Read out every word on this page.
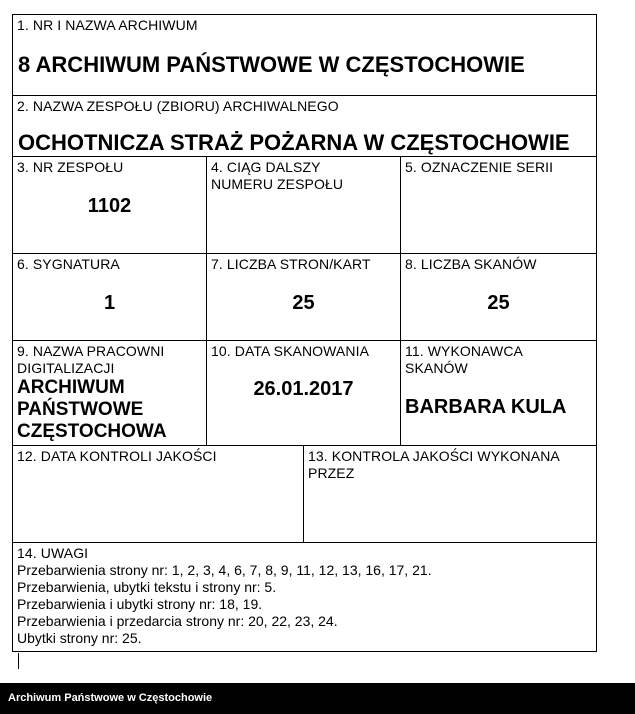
1. NR I NAZWA ARCHIWUM
8 ARCHIWUM PAŃSTWOWE W CZĘSTOCHOWIE
2. NAZWA ZESPOŁU (ZBIORU) ARCHIWALNEGO
OCHOTNICZA STRAŻ POŻARNA W CZĘSTOCHOWIE
3. NR ZESPOŁU
1102
4. CIĄG DALSZY
NUMERU ZESPOŁU
5. OZNACZENIE SERII
6. SYGNATURA
1
7. LICZBA STRON/KART
25
8. LICZBA SKANÓW
25
9. NAZWA PRACOWNI
DIGITALIZACJI
ARCHIWUM
PAŃSTWOWE
CZĘSTOCHOWA
10. DATA SKANOWANIA
26.01.2017
11. WYKONAWCA
SKANÓW
BARBARA KULA
12. DATA KONTROLI JAKOŚCI	13. KONTROLA JAKOŚCI WYKONANA
PRZEZ
14. UWAGI
Przebarwienia strony nr: 1, 2, 3, 4, 6, 7, 8, 9, 11, 12, 13, 16, 17, 21.
Przebarwienia, ubytki tekstu i strony nr: 5.
Przebarwienia i ubytki strony nr: 18, 19.
Przebarwienia i przedarcia strony nr: 20, 22, 23, 24.
Ubytki strony nr: 25.
Archiwum Państwowe w Częstochowie
